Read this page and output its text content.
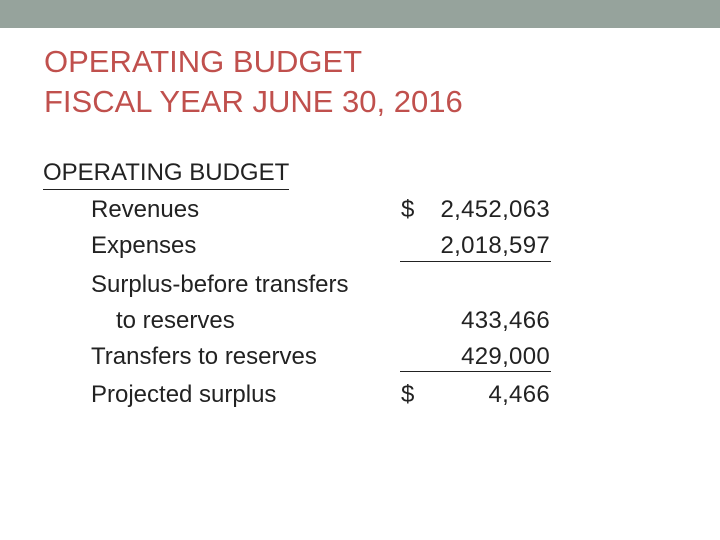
OPERATING BUDGET
FISCAL YEAR JUNE 30, 2016
OPERATING BUDGET
Revenues	$ 2,452,063
Expenses	2,018,597
Surplus-before transfers
to reserves	433,466
Transfers to reserves	429,000
Projected surplus	$	4,466
